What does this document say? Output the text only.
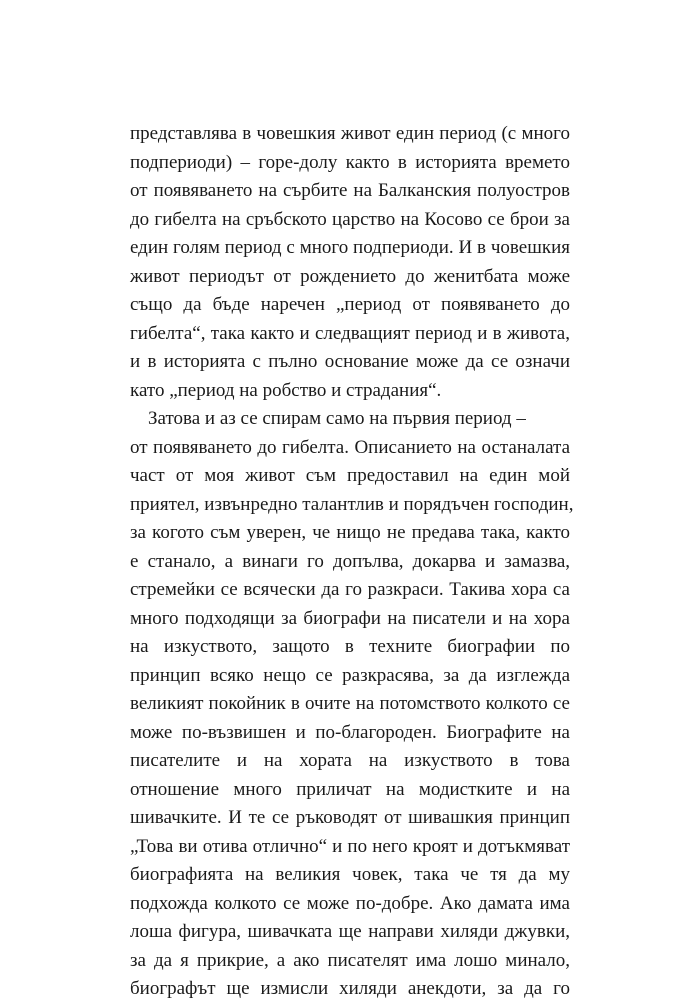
представлява в човешкия живот един период (с много
подпериоди) – горе-долу както в историята времето
от появяването на сърбите на Балканския полуостров
до гибелта на сръбското царство на Косово се брои за
един голям период с много подпериоди. И в човешкия
живот периодът от рождението до женитбата може
също да бъде наречен „период от появяването до
гибелта“, така както и следващият период и в живота,
и в историята с пълно основание може да се означи
като „период на робство и страдания“.
Затова и аз се спирам само на първия период –
от появяването до гибелта. Описанието на останалата
част от моя живот съм предоставил на един мой
приятел, извънредно талантлив и порядъчен господин,
за когото съм уверен, че нищо не предава така, както
е станало, а винаги го допълва, докарва и замазва,
стремейки се всячески да го разкраси. Такива хора са
много подходящи за биографи на писатели и на хора
на изкуството, защото в техните биографии по
принцип всяко нещо се разкрасява, за да изглежда
великият покойник в очите на потомството колкото се
може по-възвишен и по-благороден. Биографите на
писателите и на хората на изкуството в това
отношение много приличат на модистките и на
шивачките. И те се ръководят от шивашкия принцип
„Това ви отива отлично“ и по него кроят и дотъкмяват
биографията на великия човек, така че тя да му
подхожда колкото се може по-добре. Ако дамата има
лоша фигура, шивачката ще направи хиляди джувки,
за да я прикрие, а ако писателят има лошо минало,
биографът ще измисли хиляди анекдоти, за да го
